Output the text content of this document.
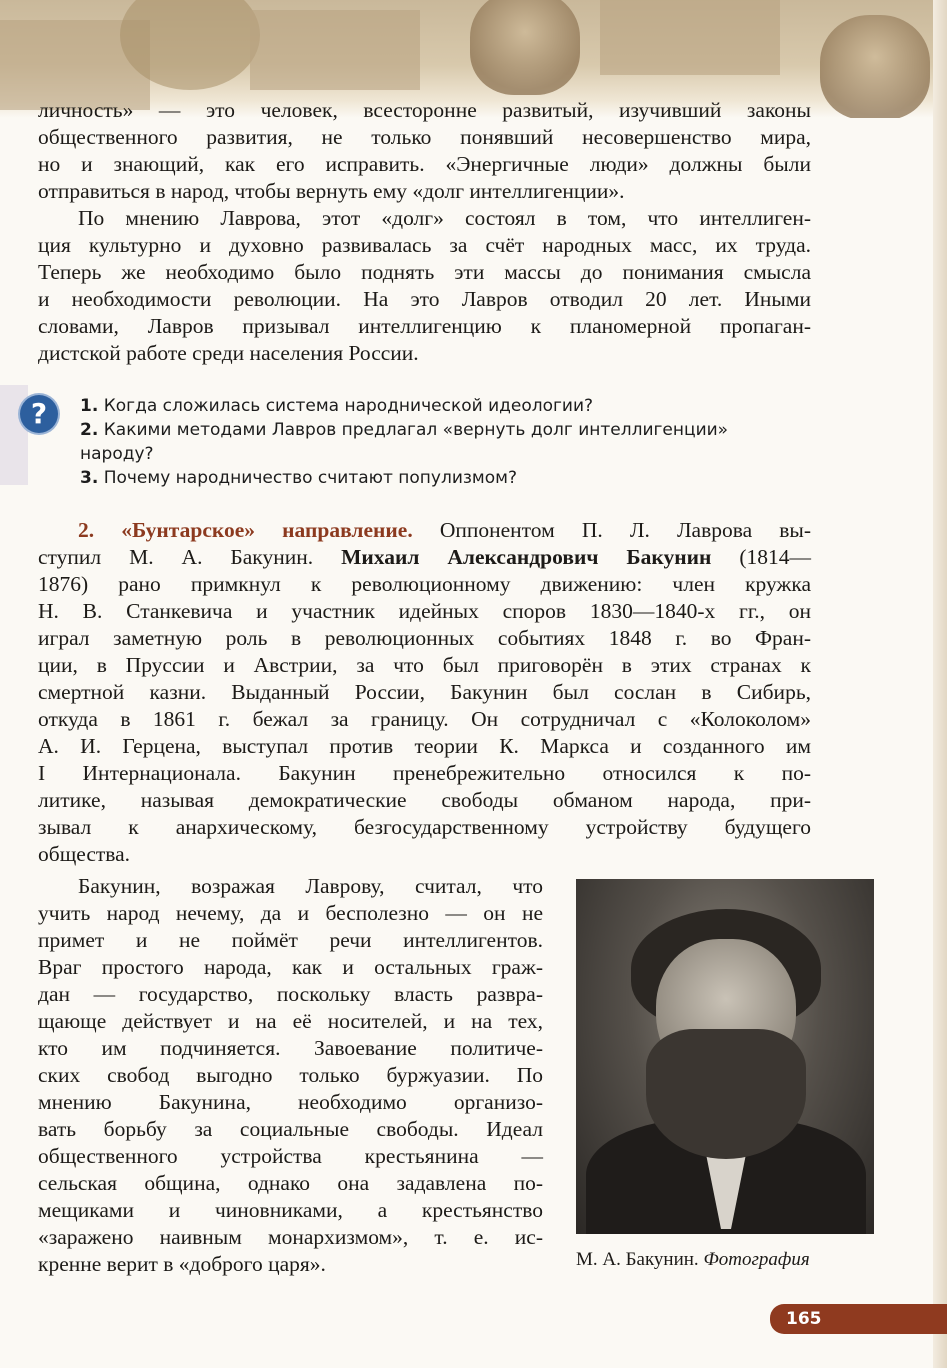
личность» — это человек, всесторонне развитый, изучивший законы
общественного развития, не только понявший несовершенство мира,
но и знающий, как его исправить. «Энергичные люди» должны были
отправиться в народ, чтобы вернуть ему «долг интеллигенции».

По мнению Лаврова, этот «долг» состоял в том, что интеллиген-
ция культурно и духовно развивалась за счёт народных масс, их труда.
Теперь же необходимо было поднять эти массы до понимания смысла
и необходимости революции. На это Лавров отводил 20 лет. Иными
словами, Лавров призывал интеллигенцию к планомерной пропаган-
дистской работе среди населения России.

?	1. Когда сложилась система народнической идеологии?
2. Какими методами Лавров предлагал «вернуть долг интеллигенции»
народу?
3. Почему народничество считают популизмом?

2. «Бунтарское» направление. Оппонентом П. Л. Лаврова вы-
ступил М. А. Бакунин. Михаил Александрович Бакунин (1814—
1876) рано примкнул к революционному движению: член кружка
Н. В. Станкевича и участник идейных споров 1830—1840-х гг., он
играл заметную роль в революционных событиях 1848 г. во Фран-
ции, в Пруссии и Австрии, за что был приговорён в этих странах к
смертной казни. Выданный России, Бакунин был сослан в Сибирь,
откуда в 1861 г. бежал за границу. Он сотрудничал с «Колоколом»
А. И. Герцена, выступал против теории К. Маркса и созданного им
I Интернационала. Бакунин пренебрежительно относился к по-
литике, называя демократические свободы обманом народа, при-
зывал к анархическому, безгосударственному устройству будущего
общества.

Бакунин, возражая Лаврову, считал, что
учить народ нечему, да и бесполезно — он не
примет и не поймёт речи интеллигентов.
Враг простого народа, как и остальных граж-
дан — государство, поскольку власть развра-
щающе действует и на её носителей, и на тех,
кто им подчиняется. Завоевание политиче-
ских свобод выгодно только буржуазии. По
мнению Бакунина, необходимо организо-
вать борьбу за социальные свободы. Идеал
общественного устройства крестьянина —
сельская община, однако она задавлена по-
мещиками и чиновниками, а крестьянство
«заражено наивным монархизмом», т. е. ис-
кренне верит в «доброго царя».	М. А. Бакунин. Фотография
165
